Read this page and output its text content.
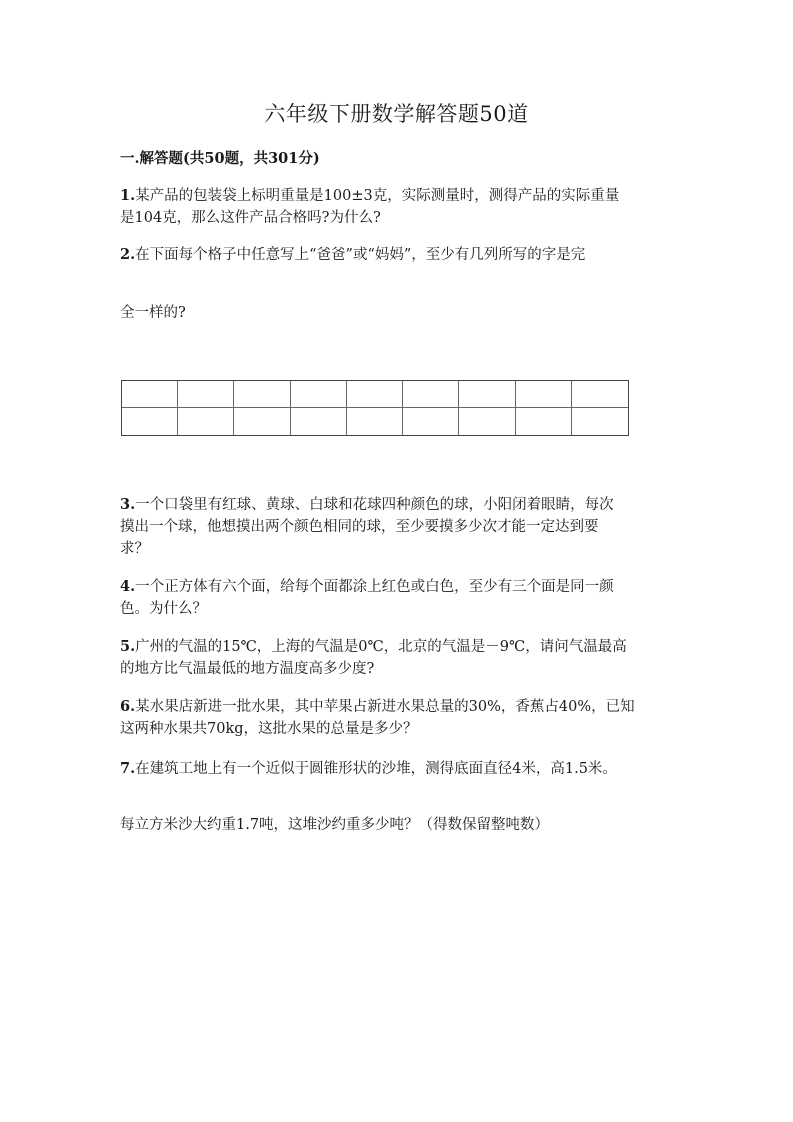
六年级下册数学解答题50道
一.解答题(共50题，共301分)
1.某产品的包装袋上标明重量是100±3克，实际测量时，测得产品的实际重量
是104克，那么这件产品合格吗?为什么?
2.在下面每个格子中任意写上“爸爸”或“妈妈”，至少有几列所写的字是完
全一样的?
3.一个口袋里有红球、黄球、白球和花球四种颜色的球，小阳闭着眼睛，每次
摸出一个球，他想摸出两个颜色相同的球，至少要摸多少次才能一定达到要
求？
4.一个正方体有六个面，给每个面都涂上红色或白色，至少有三个面是同一颜
色。为什么？
5.广州的气温的15℃，上海的气温是0℃，北京的气温是－9℃，请问气温最高
的地方比气温最低的地方温度高多少度?
6.某水果店新进一批水果，其中苹果占新进水果总量的30%，香蕉占40%，已知
这两种水果共70kg，这批水果的总量是多少？
7.在建筑工地上有一个近似于圆锥形状的沙堆，测得底面直径4米，高1.5米。
每立方米沙大约重1.7吨，这堆沙约重多少吨？（得数保留整吨数）
